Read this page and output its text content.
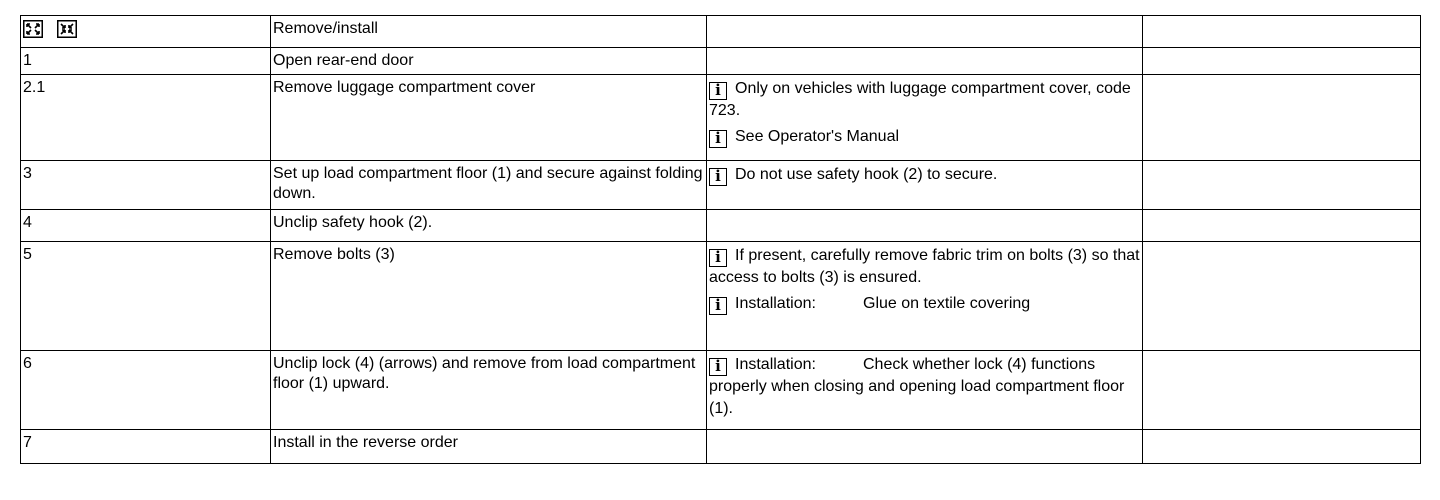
Remove/install		

1	Open rear-end door		

2.1	Remove luggage compartment cover	i Only on vehicles with luggage compartment cover, code 723.

i See Operator's Manual	

3	Set up load compartment floor (1) and secure against folding down.	i Do not use safety hook (2) to secure.	

4	Unclip safety hook (2).		

5	Remove bolts (3)	i If present, carefully remove fabric trim on bolts (3) so that access to bolts (3) is ensured.

i Installation: Glue on textile covering	

6	Unclip lock (4) (arrows) and remove from load compartment floor (1) upward.	i Installation: Check whether lock (4) functions properly when closing and opening load compartment floor (1).	

7	Install in the reverse order		
